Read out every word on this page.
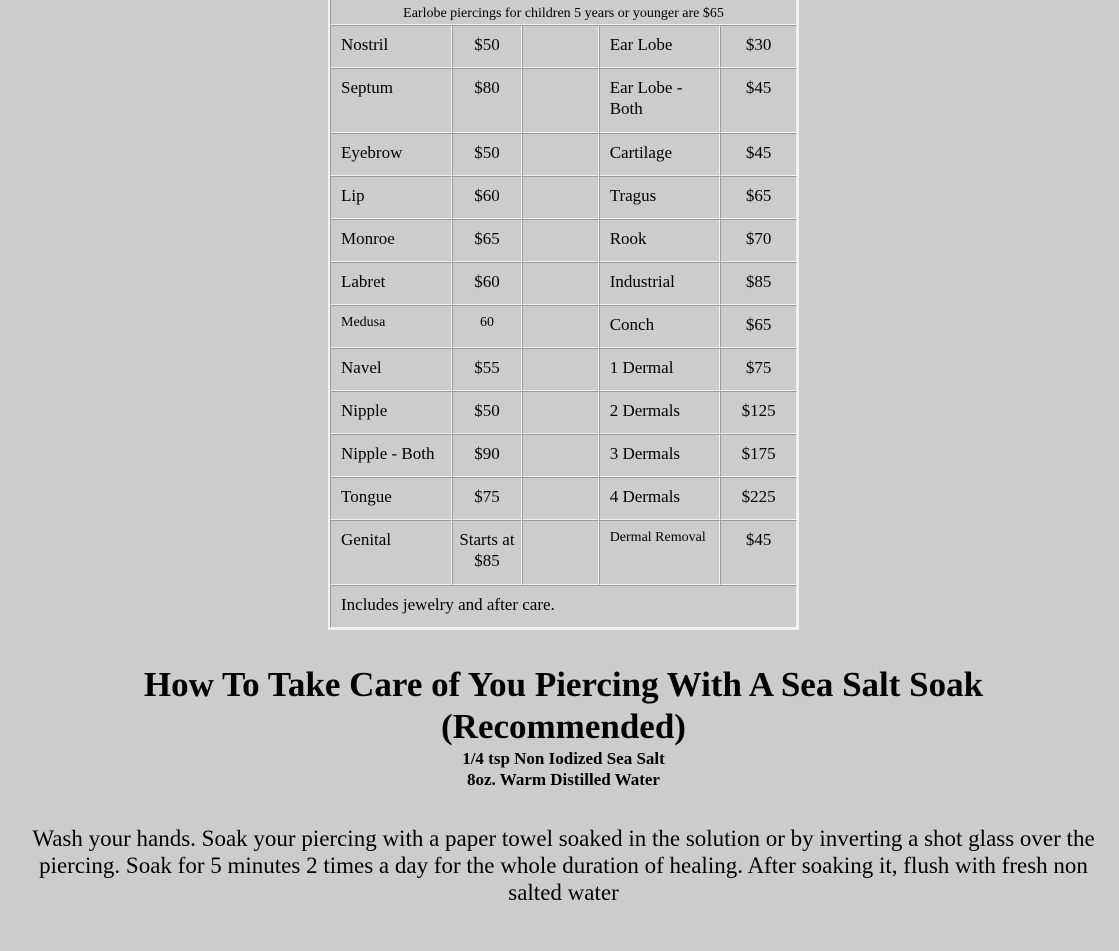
Earlobe piercings for children 5 years or younger are $65				

Nostril	$50		Ear Lobe	$30
Septum	$80		Ear Lobe - Both	$45
Eyebrow	$50		Cartilage	$45
Lip	$60		Tragus	$65
Monroe	$65		Rook	$70
Labret	$60		Industrial	$85
Medusa	60		Conch	$65
Navel	$55		1 Dermal	$75
Nipple	$50		2 Dermals	$125
Nipple - Both	$90		3 Dermals	$175
Tongue	$75		4 Dermals	$225
Genital	Starts at $85		Dermal Removal	$45
Includes jewelry and after care.				
How To Take Care of You Piercing With A Sea Salt Soak (Recommended)
1/4 tsp Non Iodized Sea Salt
8oz. Warm Distilled Water

Wash your hands. Soak your piercing with a paper towel soaked in the solution or by inverting a shot glass over the piercing. Soak for 5 minutes 2 times a day for the whole duration of healing. After soaking it, flush with fresh non salted water
